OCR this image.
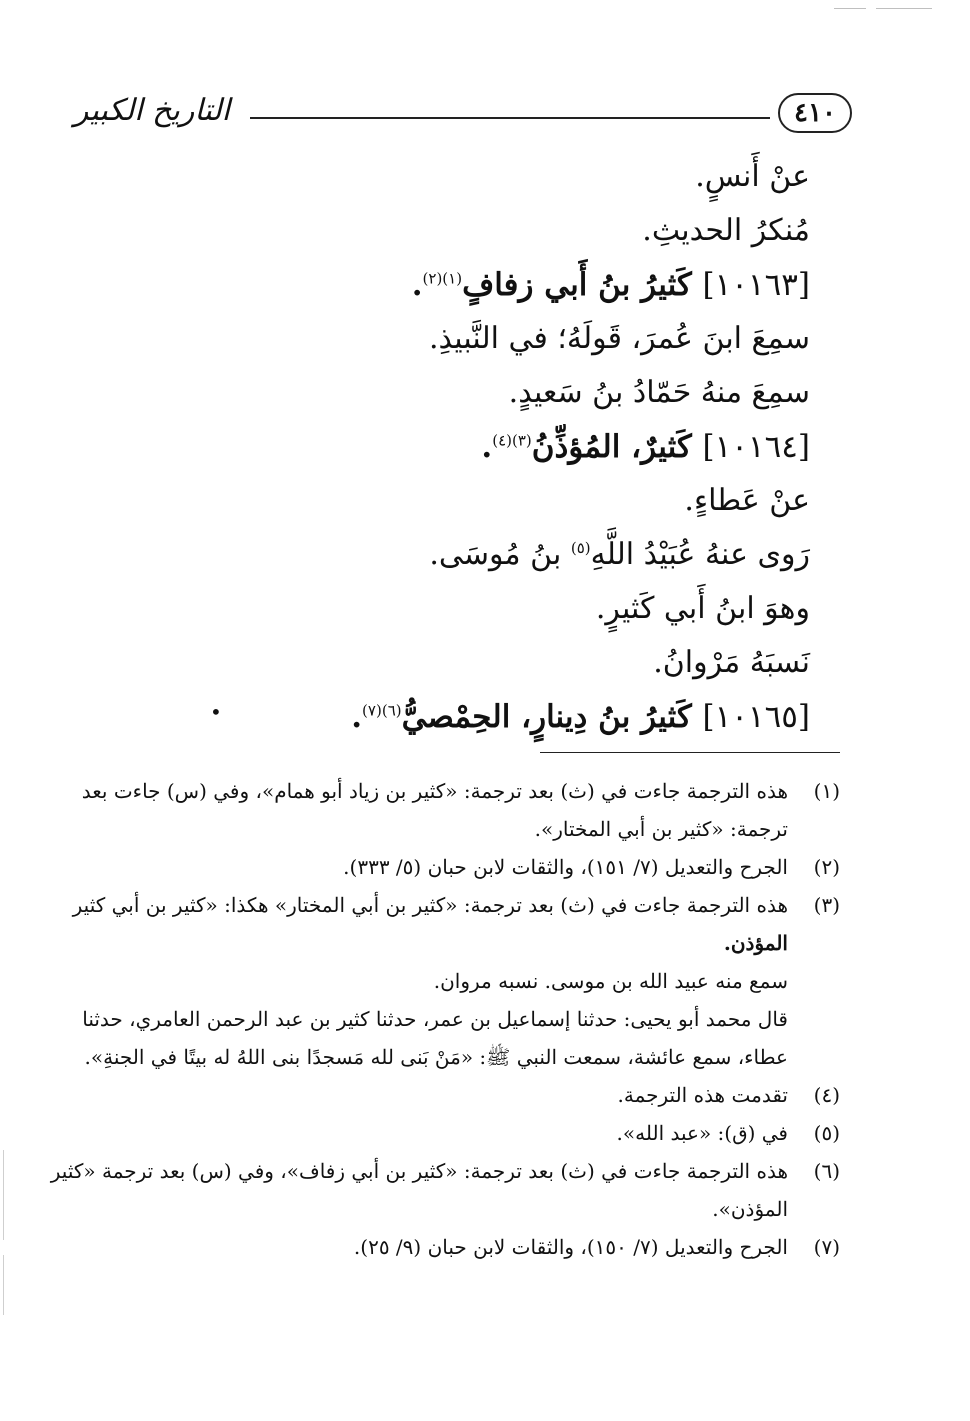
التاريخ الكبير	٤١٠
عنْ أَنسٍ.
مُنكرُ الحديثِ.
[١٠١٦٣] كَثيرُ بنُ أَبي زفافٍ$^{(١)(٢)}$.
سمِعَ ابنَ عُمرَ، قَولَهُ؛ في النَّبيذِ.
سمِعَ منهُ حَمّادُ بنُ سَعيدٍ.
[١٠١٦٤] كَثيرٌ، المُؤذِّنُ$^{(٣)(٤)}$.
عنْ عَطاءٍ.
رَوى عنهُ عُبَيْدُ اللَّهِ$^{(٥)}$ بنُ مُوسَى.
وهوَ ابنُ أَبي كَثيرٍ.
نَسبَهُ مَرْوانُ.
[١٠١٦٥] كَثيرُ بنُ دِينارٍ، الحِمْصيُّ$^{(٦)(٧)}$.
•
(١)
هذه الترجمة جاءت في (ث) بعد ترجمة: «كثير بن زياد أبو همام»، وفي (س) جاءت بعد
ترجمة: «كثير بن أبي المختار».
(٢)
الجرح والتعديل (٧/ ١٥١)، والثقات لابن حبان (٥/ ٣٣٣).
(٣)
هذه الترجمة جاءت في (ث) بعد ترجمة: «كثير بن أبي المختار» هكذا: «كثير بن أبي كثير
المؤذن.
سمع منه عبيد الله بن موسى. نسبه مروان.
قال محمد أبو يحيى: حدثنا إسماعيل بن عمر، حدثنا كثير بن عبد الرحمن العامري، حدثنا
عطاء، سمع عائشة، سمعت النبي ﷺ: «مَنْ بَنى لله مَسجدًا بنى اللهُ له بيتًا في الجنةِ».
(٤)
تقدمت هذه الترجمة.
(٥)
في (ق): «عبد الله».
(٦)
هذه الترجمة جاءت في (ث) بعد ترجمة: «كثير بن أبي زفاف»، وفي (س) بعد ترجمة «كثير
المؤذن».
(٧)
الجرح والتعديل (٧/ ١٥٠)، والثقات لابن حبان (٩/ ٢٥).
